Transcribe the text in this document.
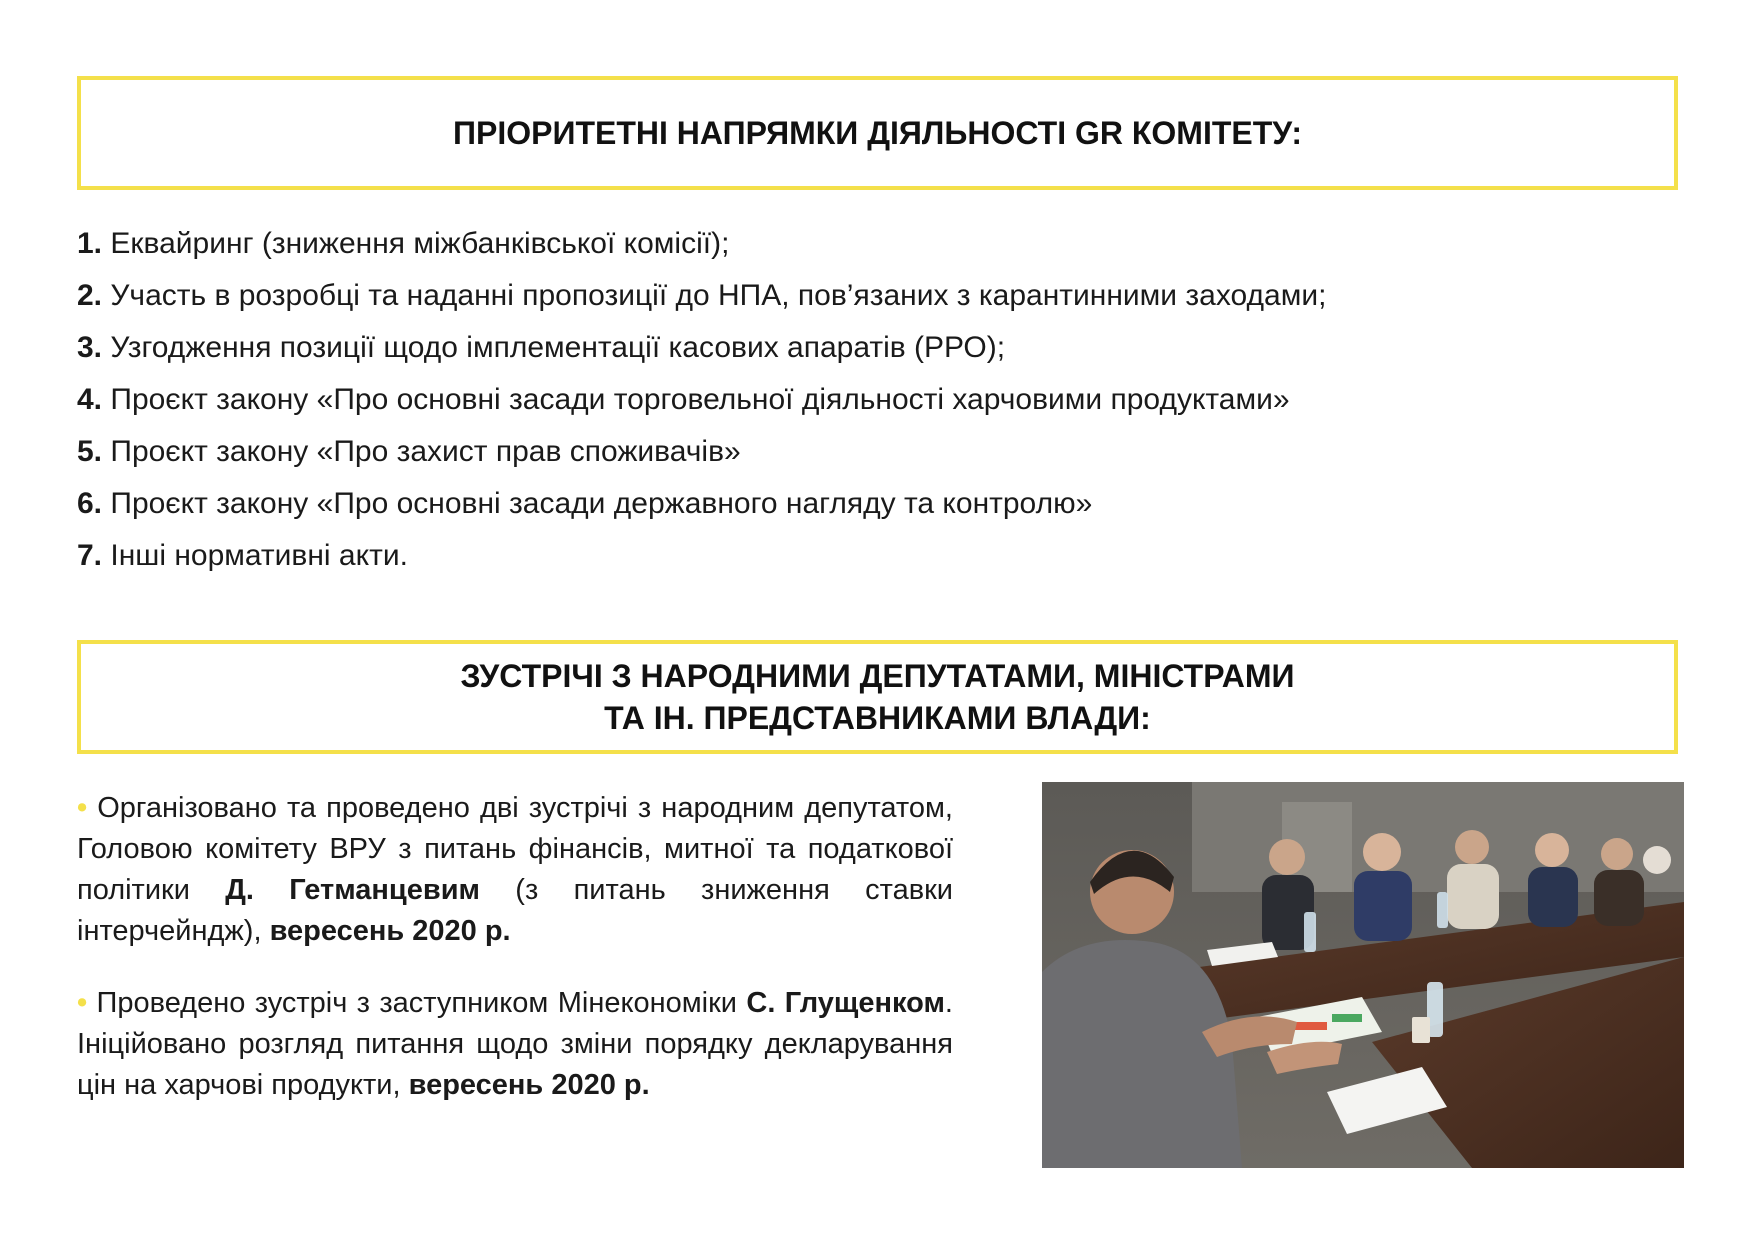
ПРІОРИТЕТНІ НАПРЯМКИ ДІЯЛЬНОСТІ GR КОМІТЕТУ:
1. Еквайринг (зниження міжбанківської комісії);
2. Участь в розробці та наданні пропозиції до НПА, пов’язаних з карантинними заходами;
3. Узгодження позиції щодо імплементації касових апаратів (РРО);
4. Проєкт закону «Про основні засади торговельної діяльності харчовими продуктами»
5. Проєкт закону «Про захист прав споживачів»
6. Проєкт закону «Про основні засади державного нагляду та контролю»
7. Інші нормативні акти.
ЗУСТРІЧІ З НАРОДНИМИ ДЕПУТАТАМИ, МІНІСТРАМИ
ТА ІН. ПРЕДСТАВНИКАМИ ВЛАДИ:
• Організовано та проведено дві зустрічі з народним депутатом, Головою комітету ВРУ з питань фінансів, митної та податкової політики Д. Гетманцевим (з питань зниження ставки інтерчейндж), вересень 2020 р.
• Проведено зустріч з заступником Мінекономіки С. Глущенком. Ініційовано розгляд питання щодо зміни порядку декларування цін на харчові продукти, вересень 2020 р.
